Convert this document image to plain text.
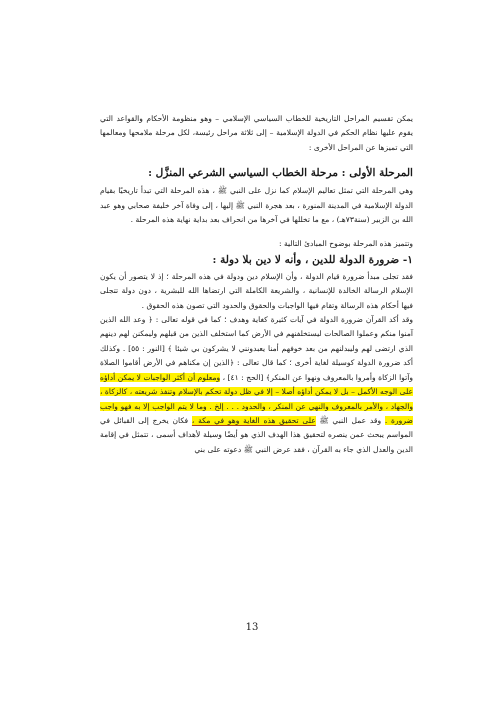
يمكن تقسيم المراحل التاريخية للخطاب السياسي الإسلامي – وهو منظومة الأحكام والقواعد التي يقوم عليها نظام الحكم في الدولة الإسلامية – إلى ثلاثة مراحل رئيسة، لكل مرحلة ملامحها ومعالمها التي تميزها عن المراحل الأخرى :

المرحلة الأولى : مرحلة الخطاب السياسي الشرعي المنزَّل :

وهي المرحلة التي تمثل تعاليم الإسلام كما نزل على النبي ﷺ ، هذه المرحلة التي تبدأ تاريخيًا بقيام الدولة الإسلامية في المدينة المنورة ، بعد هجرة النبي ﷺ إليها ، إلى وفاة آخر خليفة صحابي وهو عبد الله بن الزبير (سنة٧٣هـ) ، مع ما تخللها في آخرها من انحراف بعد بداية نهاية هذه المرحلة .

وتتميز هذه المرحلة بوضوح المبادئ التالية :

١- ضرورة الدولة للدين ، وأنه لا دين بلا دولة :

فقد تجلى مبدأ ضرورة قيام الدولة ، وأن الإسلام دين ودولة في هذه المرحلة ؛ إذ لا يتصور أن يكون الإسلام الرسالة الخالدة للإنسانية ، والشريعة الكاملة التي ارتضاها الله للبشرية ، دون دولة تتجلى فيها أحكام هذه الرسالة وتقام فيها الواجبات والحقوق والحدود التي تصون هذه الحقوق .

وقد أكد القرآن ضرورة الدولة في آيات كثيرة كغاية وهدف ؛ كما في قوله تعالى : ﴿ وعد الله الذين آمنوا منكم وعملوا الصالحات ليستخلفنهم في الأرض كما استخلف الذين من قبلهم وليمكنن لهم دينهم الذي ارتضى لهم وليبدلنهم من بعد خوفهم أمنا يعبدونني لا يشركون بي شيئا ﴾ [النور : ٥٥] . وكذلك أكد ضرورة الدولة كوسيلة لغاية أخرى ؛ كما قال تعالى : ﴿الذين إن مكناهم في الأرض أقاموا الصلاة وآتوا الزكاة وأمروا بالمعروف ونهوا عن المنكر﴾ [الحج : ٤١] ، ومعلوم أن أكثر الواجبات لا يمكن أداؤه على الوجه الأكمل – بل لا يمكن أداؤه أصلا – إلا في ظل دولة تحكم بالإسلام وتنفذ شريعته ، كالزكاة ، والجهاد ، والأمر بالمعروف والنهي عن المنكر ، والحدود . . . إلخ . وما لا يتم الواجب إلا به فهو واجب ضرورة . وقد عمل النبي ﷺ على تحقيق هذه الغاية وهو في مكة ، فكان يخرج إلى القبائل في المواسم يبحث عمن ينصره لتحقيق هذا الهدف الذي هو أيضًا وسيلة لأهداف أسمى ، تتمثل في إقامة الدين والعدل الذي جاء به القرآن ، فقد عرض النبي ﷺ دعوته على بني

13
